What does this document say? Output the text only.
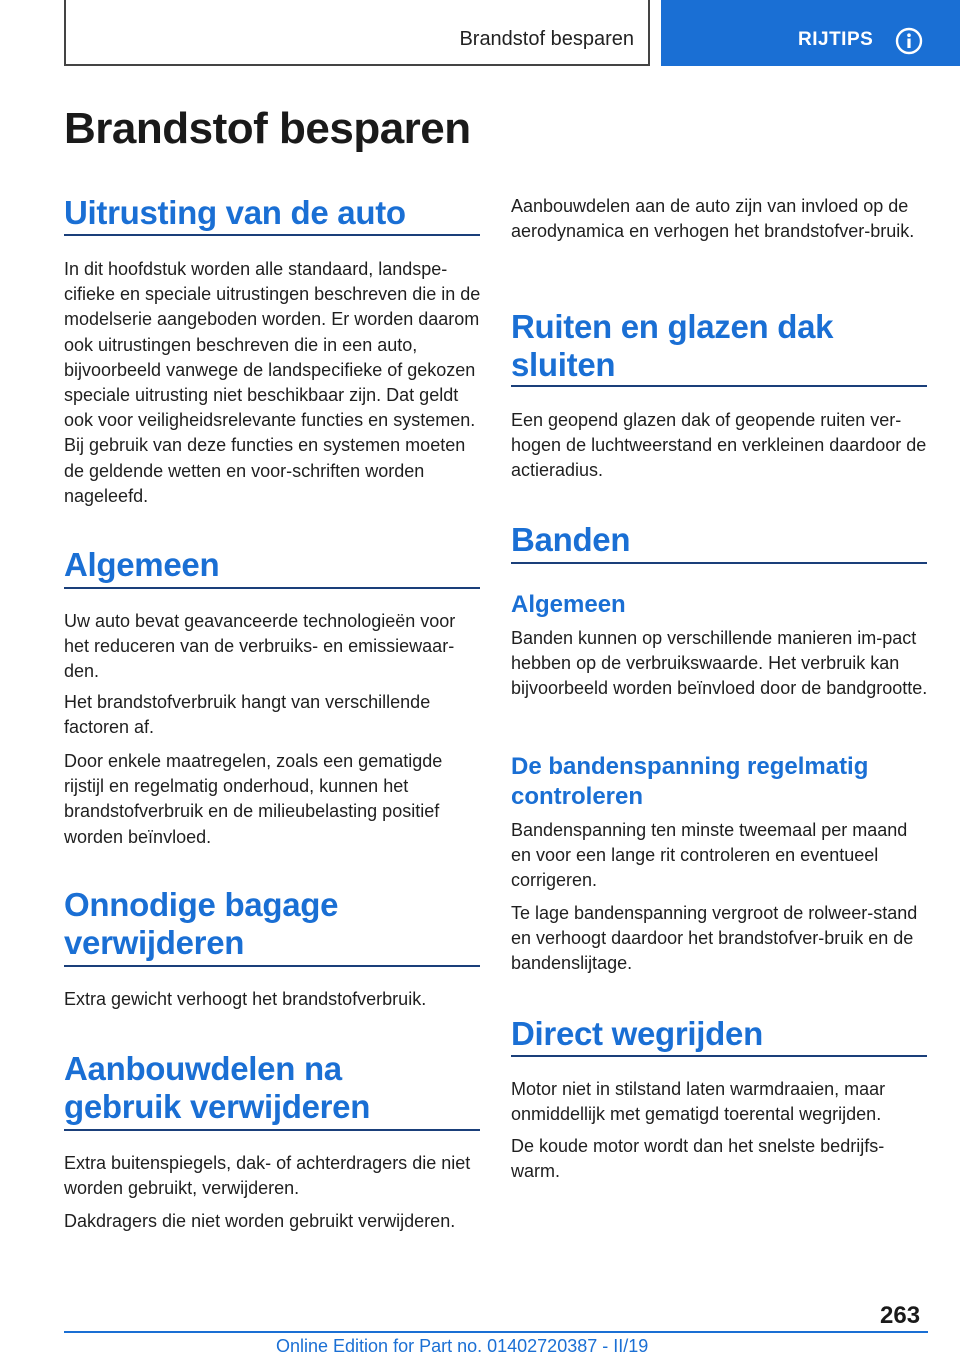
Brandstof besparen	RIJTIPS
Brandstof besparen
Uitrusting van de auto
In dit hoofdstuk worden alle standaard, landspe-cifieke en speciale uitrustingen beschreven die in de modelserie aangeboden worden. Er worden daarom ook uitrustingen beschreven die in een auto, bijvoorbeeld vanwege de landspecifieke of gekozen speciale uitrusting niet beschikbaar zijn. Dat geldt ook voor veiligheidsrelevante functies en systemen. Bij gebruik van deze functies en systemen moeten de geldende wetten en voor-schriften worden nageleefd.
Algemeen
Uw auto bevat geavanceerde technologieën voor het reduceren van de verbruiks- en emissiewaar-den.
Het brandstofverbruik hangt van verschillende factoren af.
Door enkele maatregelen, zoals een gematigde rijstijl en regelmatig onderhoud, kunnen het brandstofverbruik en de milieubelasting positief worden beïnvloed.
Onnodige bagage verwijderen
Extra gewicht verhoogt het brandstofverbruik.
Aanbouwdelen na gebruik verwijderen
Extra buitenspiegels, dak- of achterdragers die niet worden gebruikt, verwijderen.
Dakdragers die niet worden gebruikt verwijderen.
Aanbouwdelen aan de auto zijn van invloed op de aerodynamica en verhogen het brandstofver-bruik.
Ruiten en glazen dak sluiten
Een geopend glazen dak of geopende ruiten ver-hogen de luchtweerstand en verkleinen daardoor de actieradius.
Banden
Algemeen
Banden kunnen op verschillende manieren im-pact hebben op de verbruikswaarde. Het verbruik kan bijvoorbeeld worden beïnvloed door de bandgrootte.
De bandenspanning regelmatig controleren
Bandenspanning ten minste tweemaal per maand en voor een lange rit controleren en eventueel corrigeren.
Te lage bandenspanning vergroot de rolweer-stand en verhoogt daardoor het brandstofver-bruik en de bandenslijtage.
Direct wegrijden
Motor niet in stilstand laten warmdraaien, maar onmiddellijk met gematigd toerental wegrijden.
De koude motor wordt dan het snelste bedrijfs-warm.
263
Online Edition for Part no. 01402720387 - II/19
